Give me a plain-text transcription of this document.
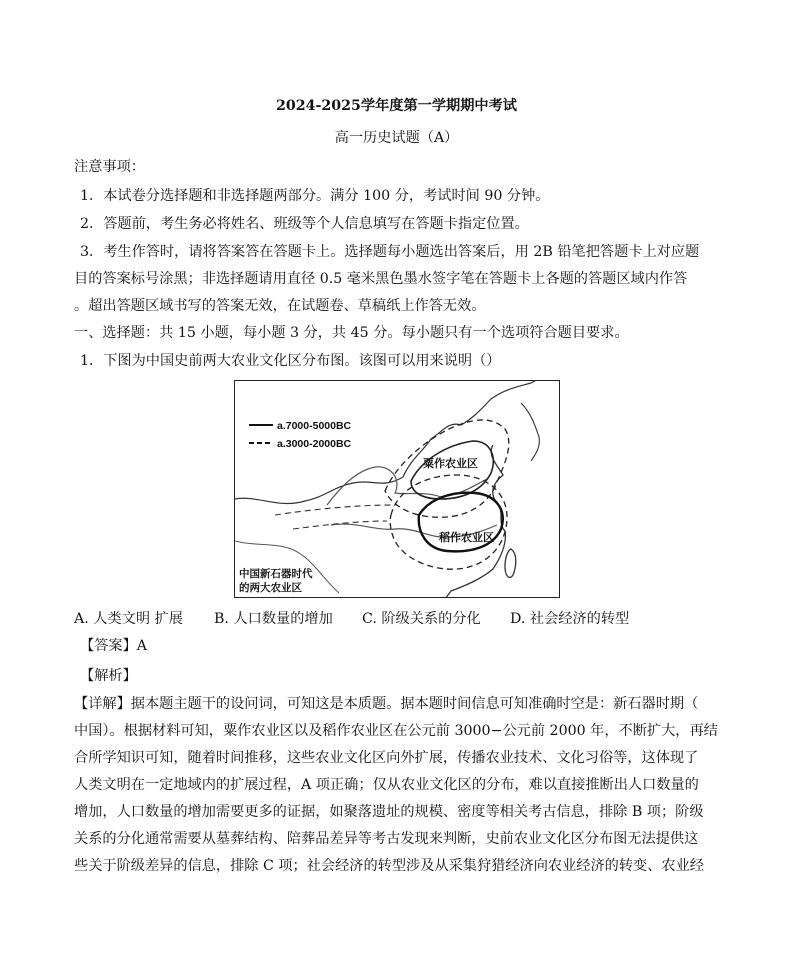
2024-2025学年度第一学期期中考试
高一历史试题（A）
注意事项：
1．本试卷分选择题和非选择题两部分。满分 100 分，考试时间 90 分钟。
2．答题前，考生务必将姓名、班级等个人信息填写在答题卡指定位置。
3．考生作答时，请将答案答在答题卡上。选择题每小题选出答案后，用 2B 铅笔把答题卡上对应题
目的答案标号涂黑；非选择题请用直径 0.5 毫米黑色墨水签字笔在答题卡上各题的答题区域内作答
。超出答题区域书写的答案无效，在试题卷、草稿纸上作答无效。
一、选择题：共 15 小题，每小题 3 分，共 45 分。每小题只有一个选项符合题目要求。
1．下图为中国史前两大农业文化区分布图。该图可以用来说明（）
a.7000-5000BC
a.3000-2000BC
粟作农业区
稻作农业区
中国新石器时代
的两大农业区
A. 人类文明 扩展 B. 人口数量的增加 C. 阶级关系的分化 D. 社会经济的转型
【答案】A
【解析】
【详解】据本题主题干的设问词，可知这是本质题。据本题时间信息可知准确时空是：新石器时期（
中国）。根据材料可知，粟作农业区以及稻作农业区在公元前 3000−公元前 2000 年，不断扩大，再结
合所学知识可知，随着时间推移，这些农业文化区向外扩展，传播农业技术、文化习俗等，这体现了
人类文明在一定地域内的扩展过程，A 项正确；仅从农业文化区的分布，难以直接推断出人口数量的
增加，人口数量的增加需要更多的证据，如聚落遗址的规模、密度等相关考古信息，排除 B 项；阶级
关系的分化通常需要从墓葬结构、陪葬品差异等考古发现来判断，史前农业文化区分布图无法提供这
些关于阶级差异的信息，排除 C 项；社会经济的转型涉及从采集狩猎经济向农业经济的转变、农业经
